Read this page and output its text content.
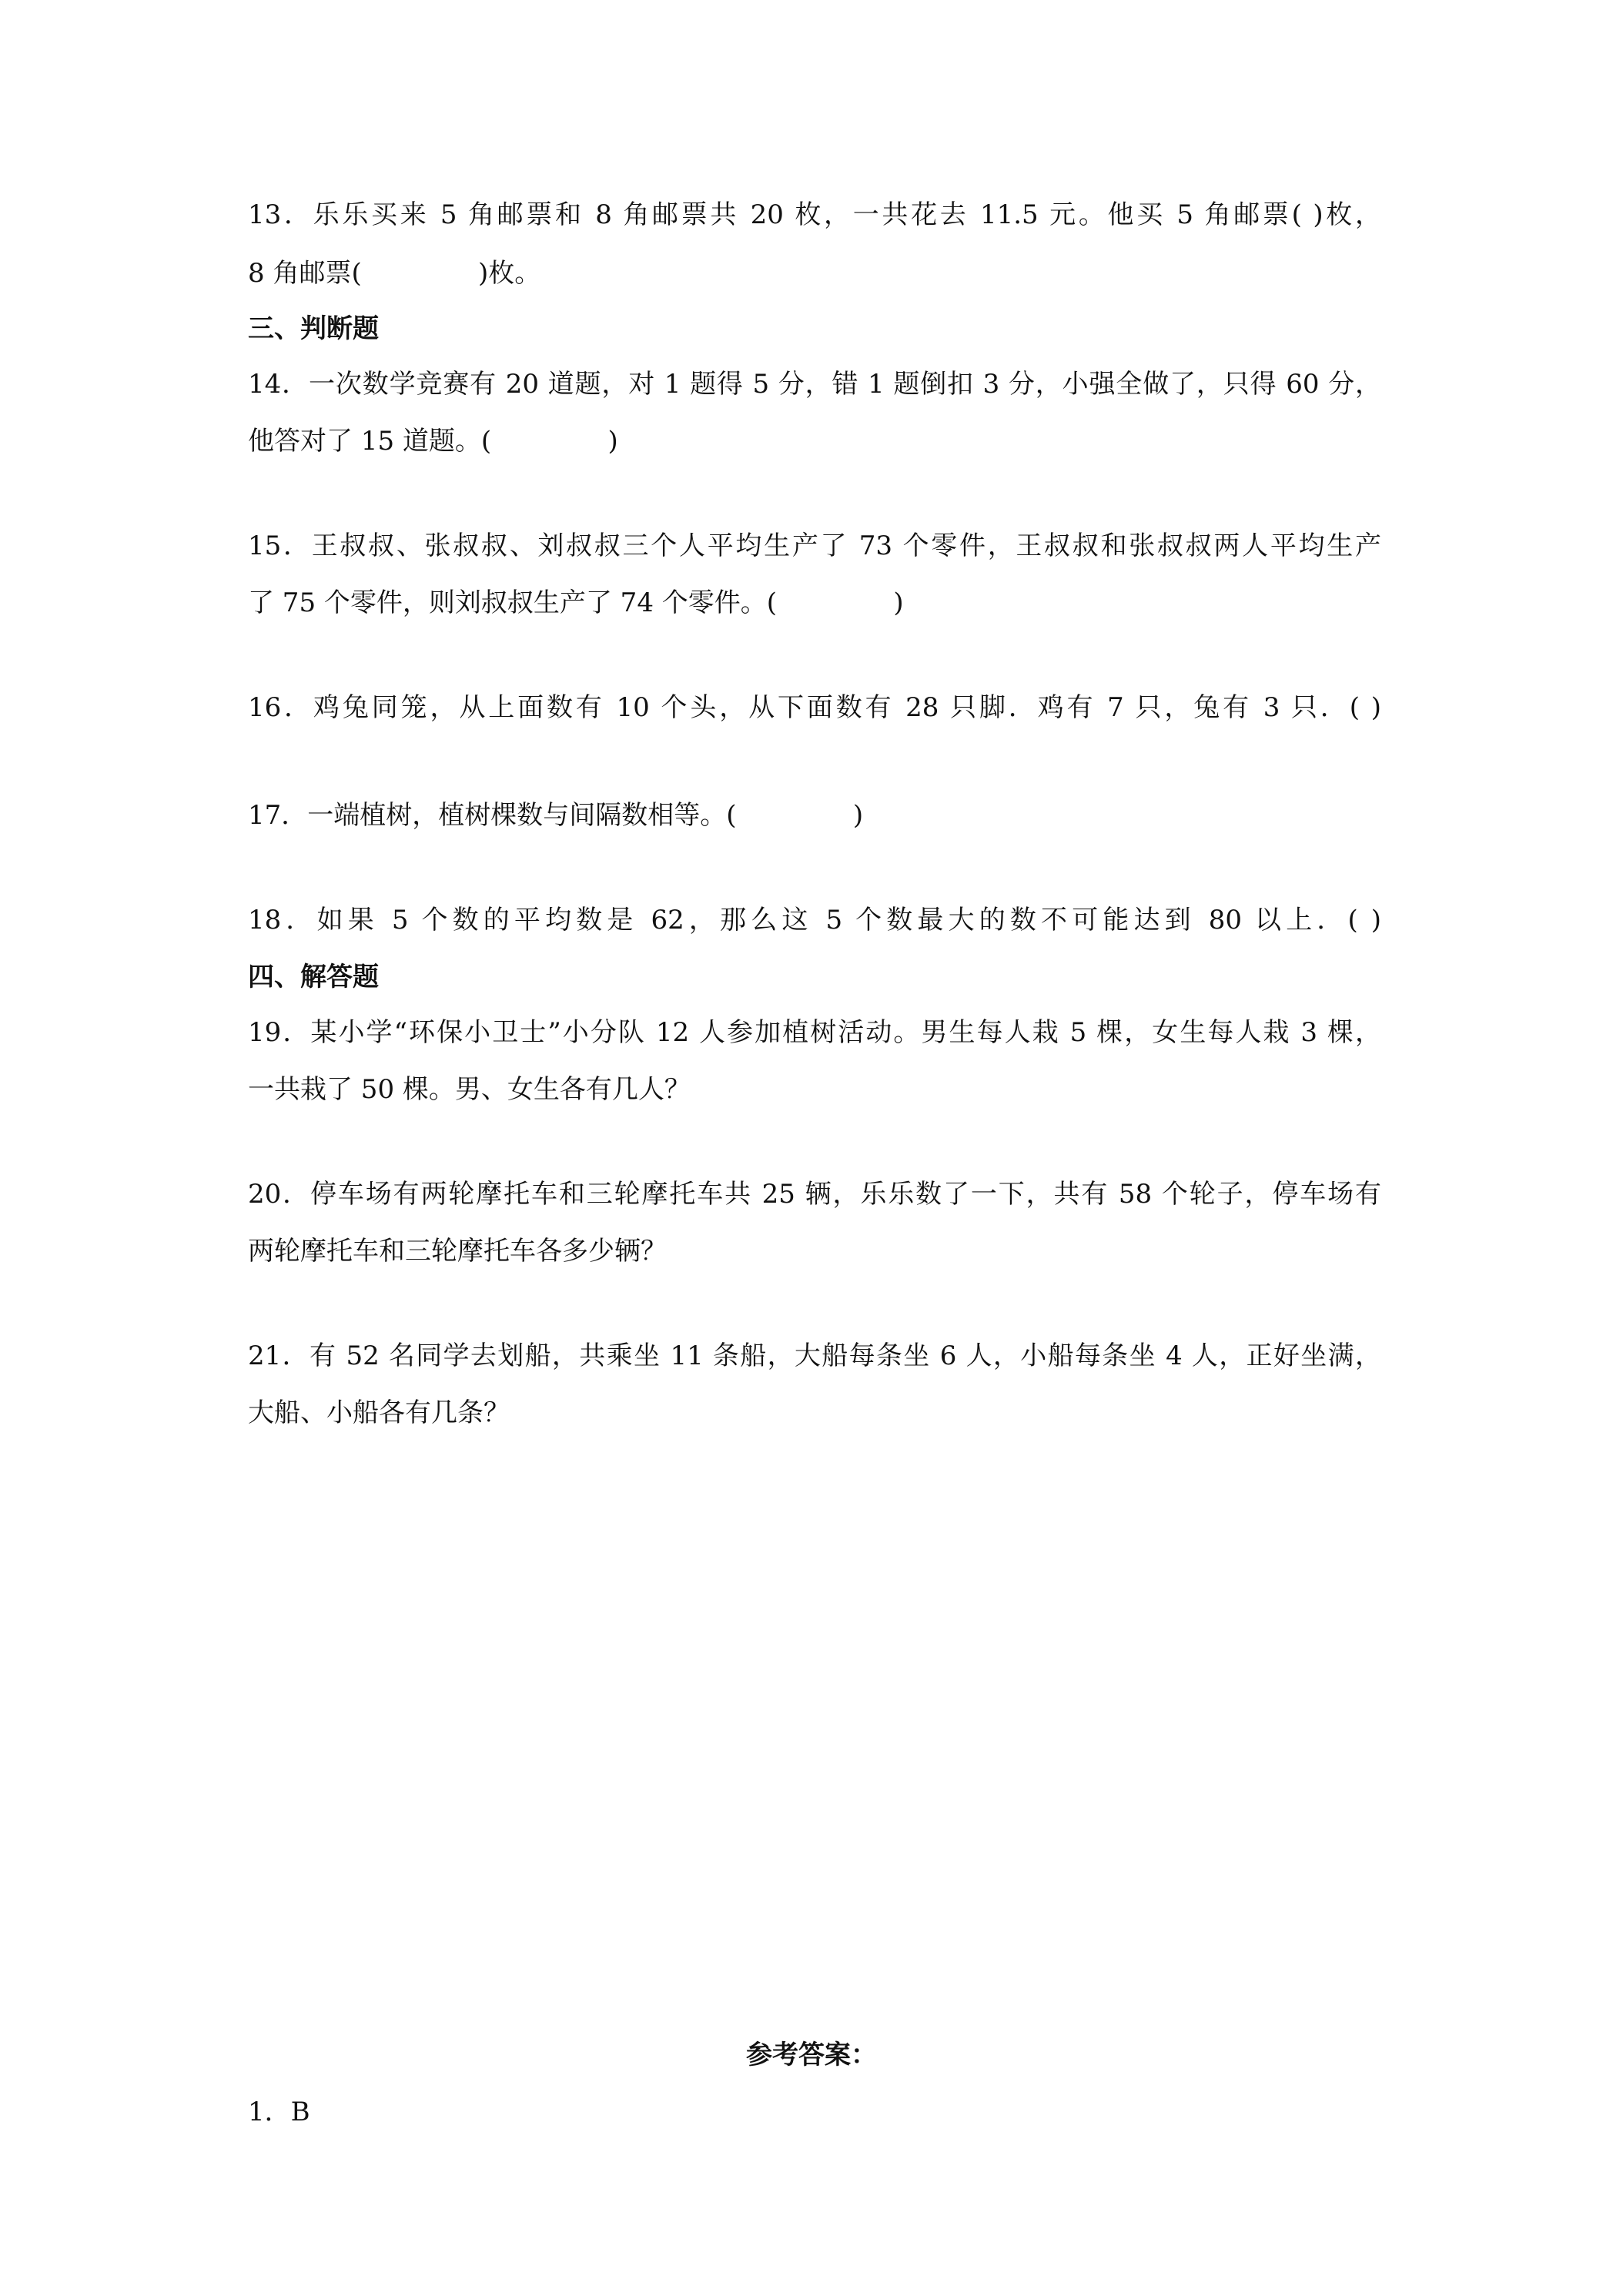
13．乐乐买来 5 角邮票和 8 角邮票共 20 枚，一共花去 11.5 元。他买 5 角邮票( )枚，
8 角邮票(              )枚。
三、判断题
14．一次数学竞赛有 20 道题，对 1 题得 5 分，错 1 题倒扣 3 分，小强全做了，只得 60 分，
他答对了 15 道题。(              )
15．王叔叔、张叔叔、刘叔叔三个人平均生产了 73 个零件，王叔叔和张叔叔两人平均生产
了 75 个零件，则刘叔叔生产了 74 个零件。(              )
16．鸡兔同笼，从上面数有 10 个头，从下面数有 28 只脚．鸡有 7 只，兔有 3 只．( )
17．一端植树，植树棵数与间隔数相等。(              )
18．如果 5 个数的平均数是 62，那么这 5 个数最大的数不可能达到 80 以上．( )
四、解答题
19．某小学“环保小卫士”小分队 12 人参加植树活动。男生每人栽 5 棵，女生每人栽 3 棵，
一共栽了 50 棵。男、女生各有几人？
20．停车场有两轮摩托车和三轮摩托车共 25 辆，乐乐数了一下，共有 58 个轮子，停车场有
两轮摩托车和三轮摩托车各多少辆？
21．有 52 名同学去划船，共乘坐 11 条船，大船每条坐 6 人，小船每条坐 4 人，正好坐满，
大船、小船各有几条？
参考答案：
1．B
